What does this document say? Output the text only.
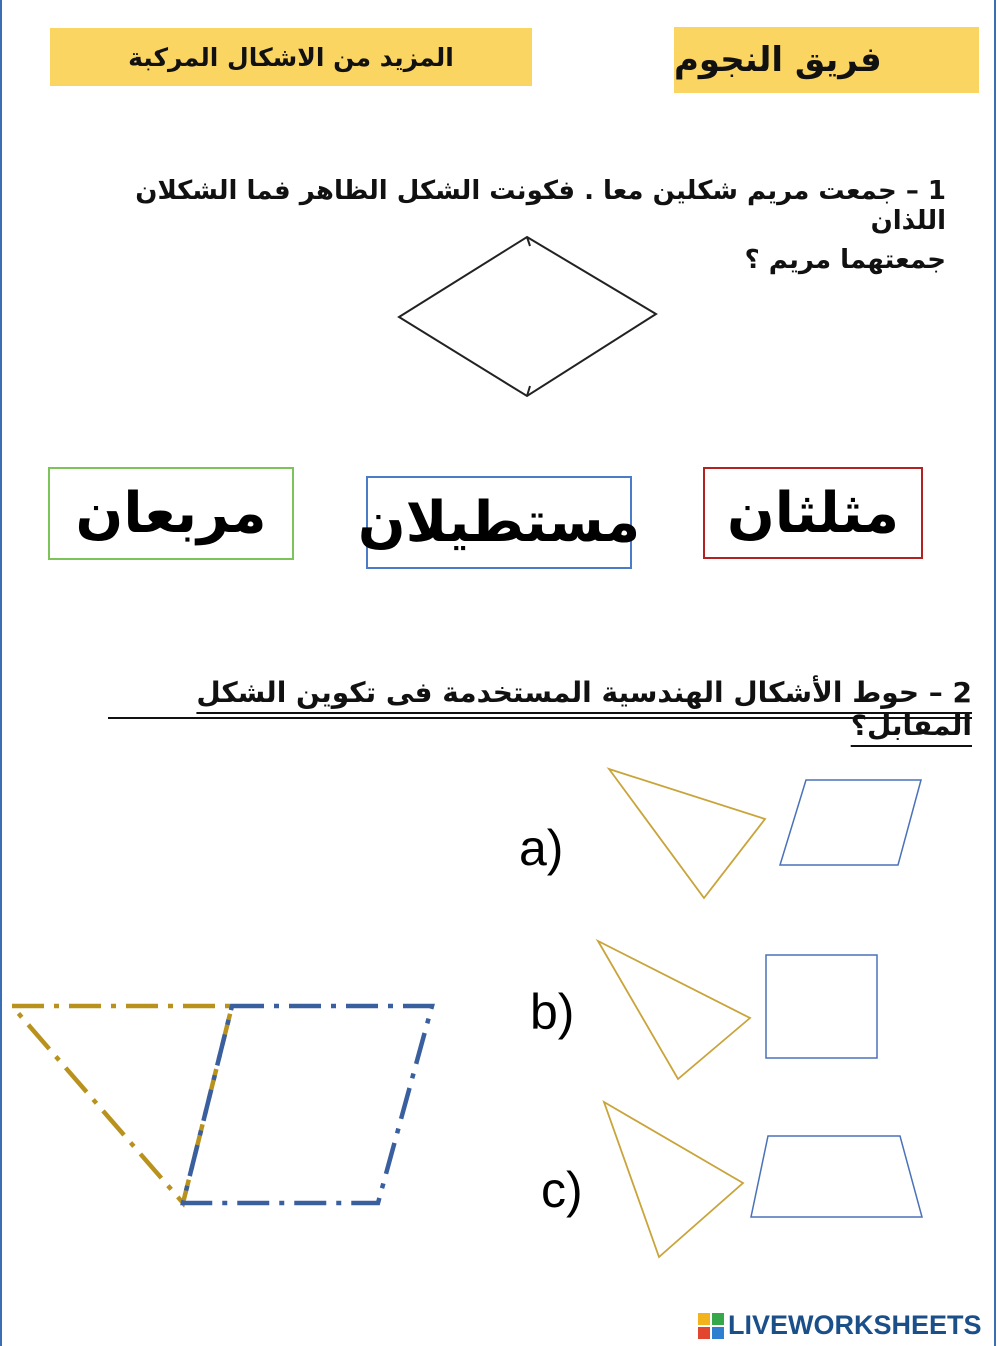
فريق النجوم
المزيد من الاشكال المركبة
1 – جمعت مريم شكلين معا . فكونت الشكل الظاهر فما الشكلان اللذان
جمعتهما مريم ؟
مثلثان
مستطيلان
مربعان
2 – حوط الأشكال الهندسية المستخدمة فى تكوين الشكل المقابل؟
a)
b)
c)
LIVEWORKSHEETS
